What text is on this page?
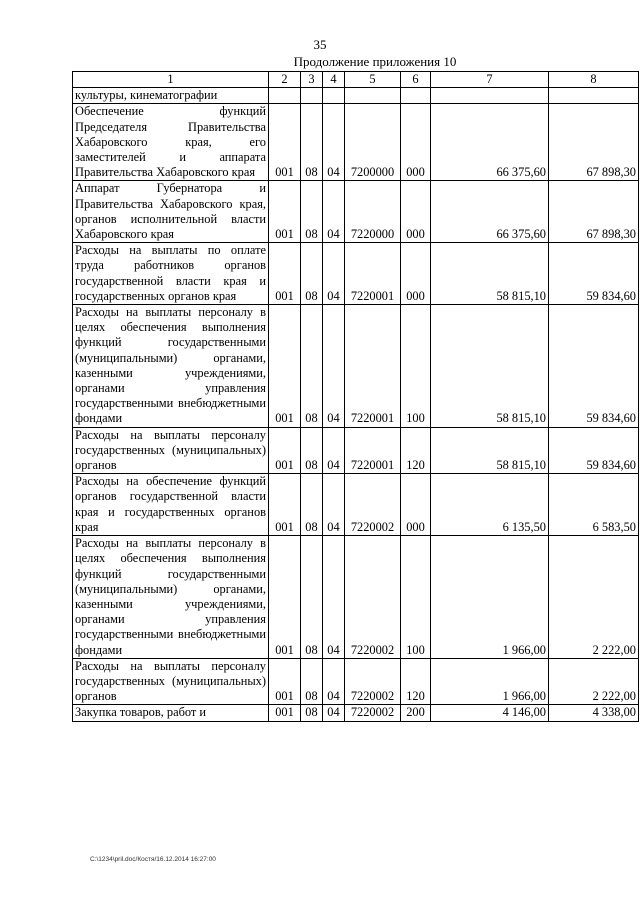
35
Продолжение приложения 10
1	2	3	4	5	6	7	8

культуры, кинематографии							

Обеспечение функций Председателя Правительства Хабаровского края, его заместителей и аппарата Правительства Хабаровского края	001	08	04	7200000	000	66 375,60	67 898,30

Аппарат Губернатора и Правительства Хабаровского края, органов исполнительной власти Хабаровского края	001	08	04	7220000	000	66 375,60	67 898,30

Расходы на выплаты по оплате труда работников органов государственной власти края и государственных органов края	001	08	04	7220001	000	58 815,10	59 834,60

Расходы на выплаты персоналу в целях обеспечения выполнения функций государственными (муниципальными) органами, казенными учреждениями, органами управления государственными внебюджетными фондами	001	08	04	7220001	100	58 815,10	59 834,60

Расходы на выплаты персоналу государственных (муниципальных) органов	001	08	04	7220001	120	58 815,10	59 834,60

Расходы на обеспечение функций органов государственной власти края и государственных органов края	001	08	04	7220002	000	6 135,50	6 583,50

Расходы на выплаты персоналу в целях обеспечения выполнения функций государственными (муниципальными) органами, казенными учреждениями, органами управления государственными внебюджетными фондами	001	08	04	7220002	100	1 966,00	2 222,00

Расходы на выплаты персоналу государственных (муниципальных) органов	001	08	04	7220002	120	1 966,00	2 222,00

Закупка товаров, работ и	001	08	04	7220002	200	4 146,00	4 338,00
C:\1234\pril.doc/Костя/16.12.2014 16:27:00
